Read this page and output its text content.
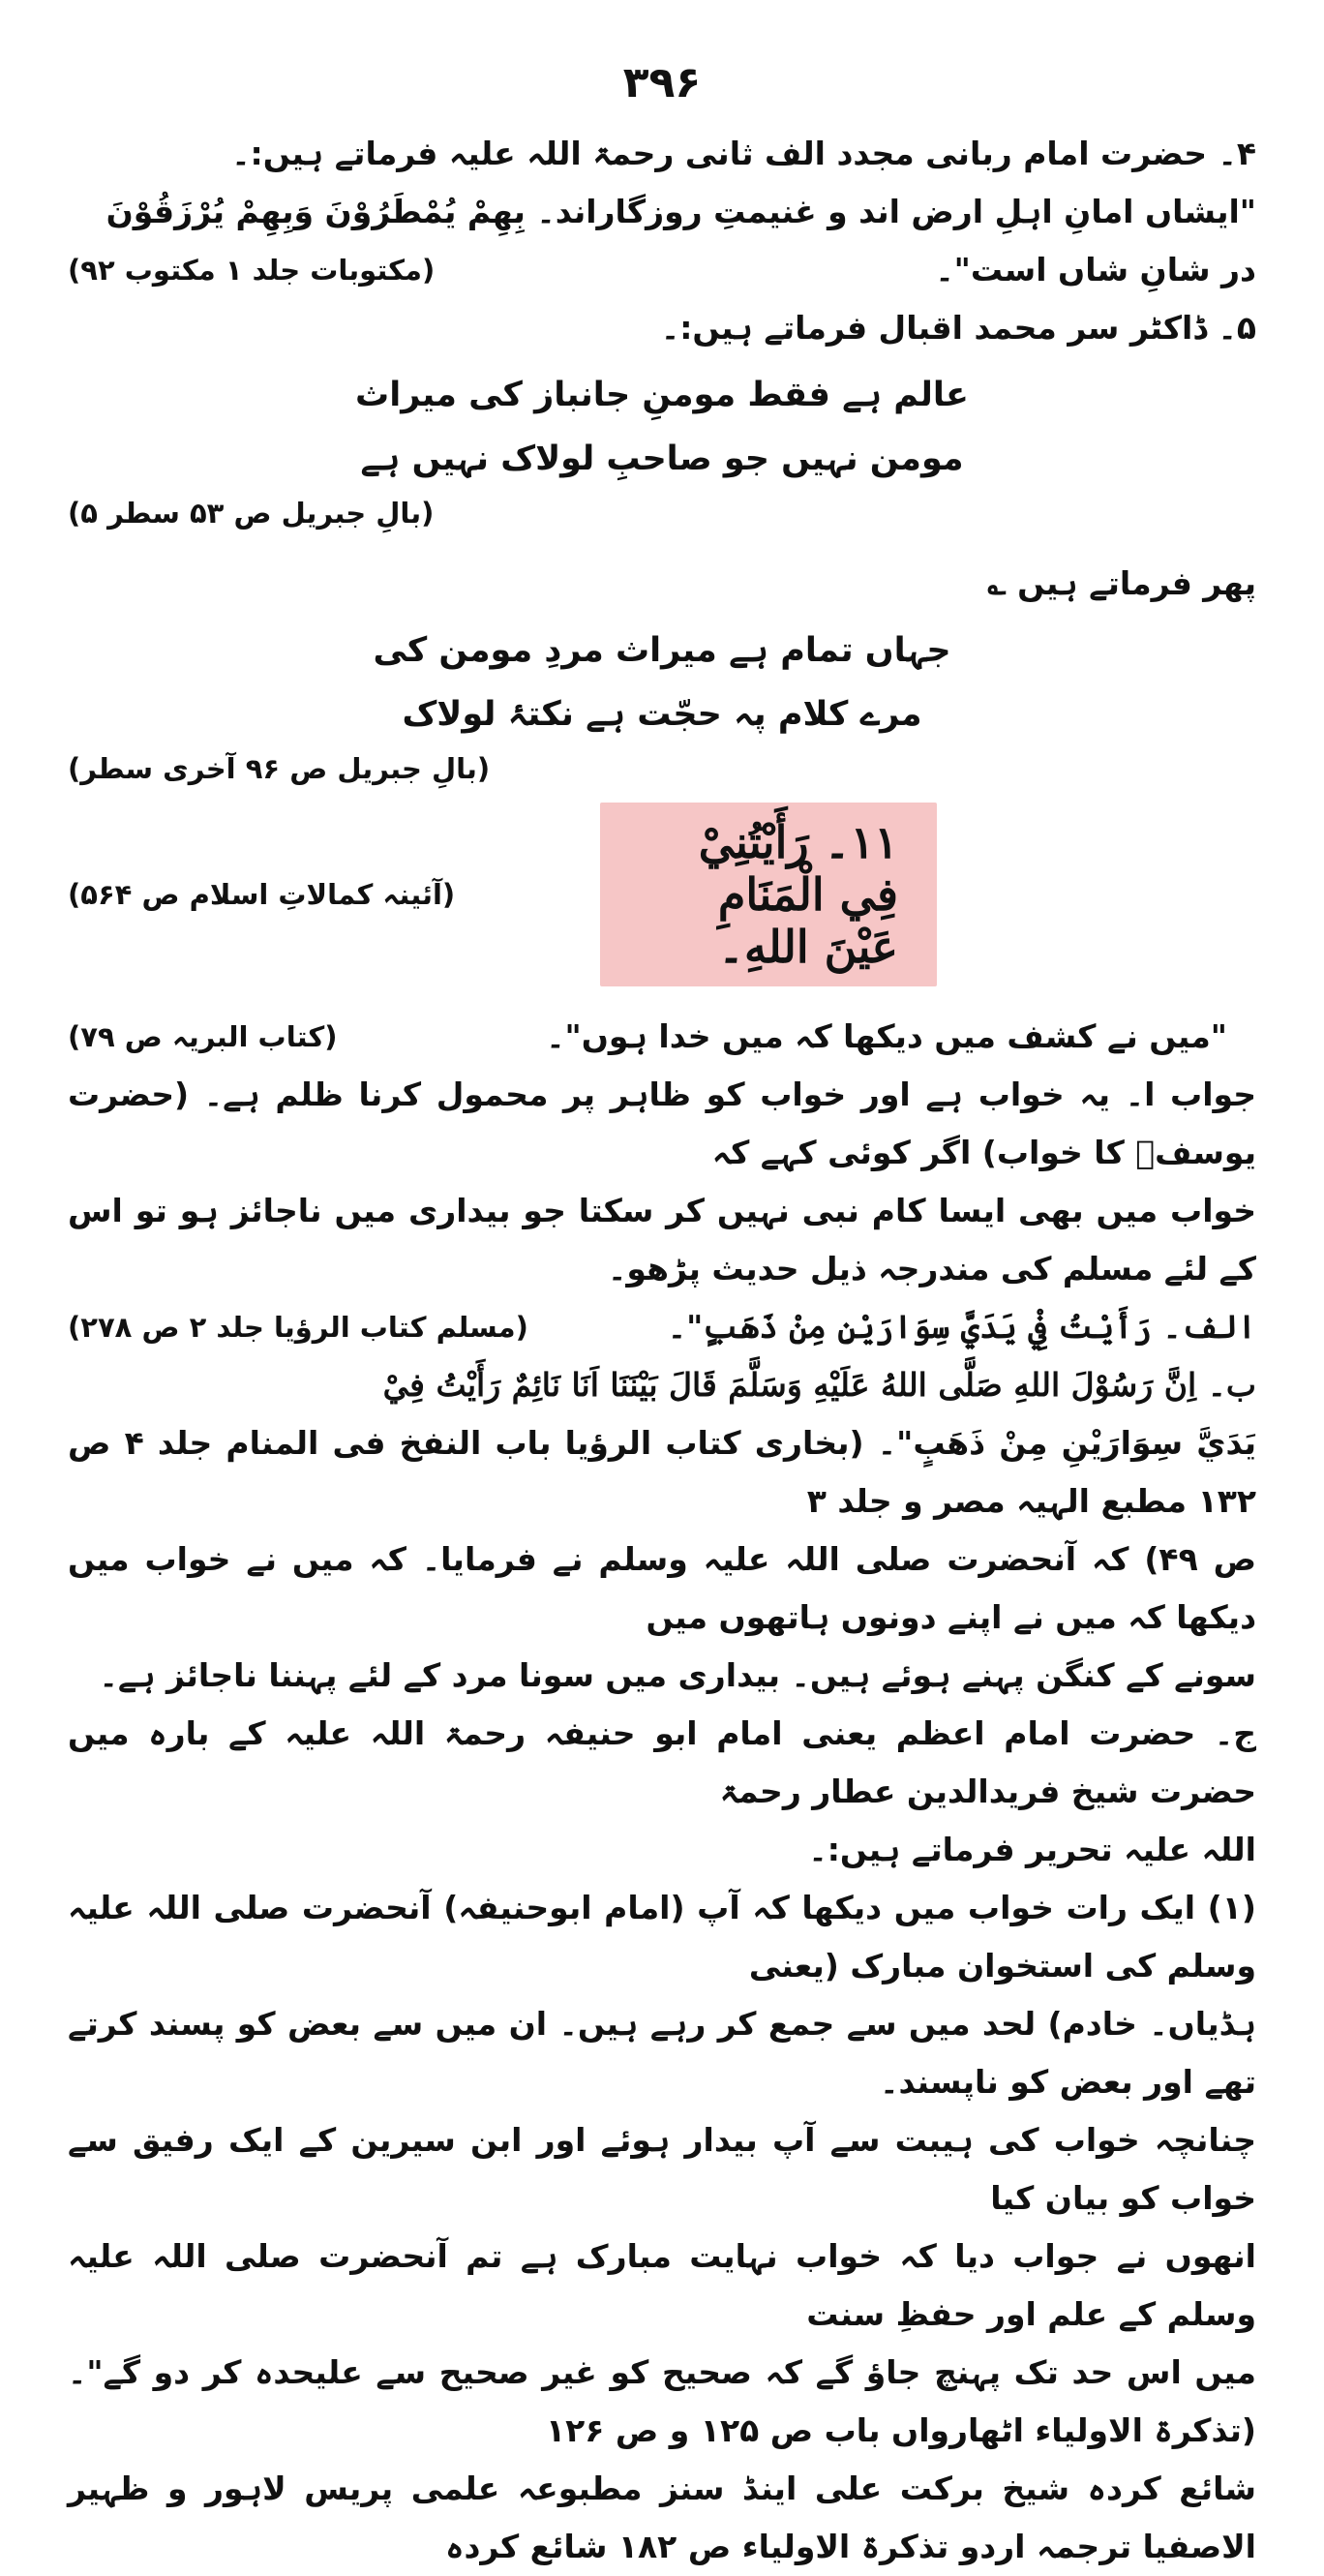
۳۹۶

۴۔ حضرت امام ربانی مجدد الف ثانی رحمۃ اللہ علیہ فرماتے ہیں:۔

"ایشاں امانِ اہلِ ارض اند و غنیمتِ روزگاراند۔ بِهِمْ يُمْطَرُوْنَ وَبِهِمْ يُرْزَقُوْنَ

در شانِ شاں است"۔
(مکتوبات جلد ۱ مکتوب ۹۲)

۵۔ ڈاکٹر سر محمد اقبال فرماتے ہیں:۔

عالم ہے فقط مومنِ جانباز کی میراث

مومن نہیں جو صاحبِ لولاک نہیں ہے

(بالِ جبریل ص ۵۳ سطر ۵)

پھر فرماتے ہیں ؎

جہاں تمام ہے میراث مردِ مومن کی

مرے کلام پہ حجّت ہے نکتۂ لولاک

(بالِ جبریل ص ۹۶ آخری سطر)
۱۱۔ رَأَيْتُنِيْ فِي الْمَنَامِ عَيْنَ اللهِ۔
(آئینہ کمالاتِ اسلام ص ۵۶۴)
"میں نے کشف میں دیکھا کہ میں خدا ہوں"۔
(کتاب البریہ ص ۷۹)

جواب ا۔ یہ خواب ہے اور خواب کو ظاہر پر محمول کرنا ظلم ہے۔ (حضرت یوسفؑ کا خواب) اگر کوئی کہے کہ

خواب میں بھی ایسا کام نبی نہیں کر سکتا جو بیداری میں ناجائز ہو تو اس کے لئے مسلم کی مندرجہ ذیل حدیث پڑھو۔

الف۔ رَأَيْتُ فِيْ يَدَيَّ سِوَارَيْنِ مِنْ ذَهَبٍ"۔
(مسلم کتاب الرؤیا جلد ۲ ص ۲۷۸)

ب۔ اِنَّ رَسُوْلَ اللهِ صَلَّى اللهُ عَلَيْهِ وَسَلَّمَ قَالَ بَيْنَنَا اَنَا نَائِمٌ رَأَيْتُ فِيْ

يَدَيَّ سِوَارَيْنِ مِنْ ذَهَبٍ"۔ (بخاری کتاب الرؤیا باب النفخ فی المنام جلد ۴ ص ۱۳۲ مطبع الہیہ مصر و جلد ۳

ص ۴۹) کہ آنحضرت صلی اللہ علیہ وسلم نے فرمایا۔ کہ میں نے خواب میں دیکھا کہ میں نے اپنے دونوں ہاتھوں میں

سونے کے کنگن پہنے ہوئے ہیں۔ بیداری میں سونا مرد کے لئے پہننا ناجائز ہے۔

ج۔ حضرت امام اعظم یعنی امام ابو حنیفہ رحمۃ اللہ علیہ کے بارہ میں حضرت شیخ فریدالدین عطار رحمۃ

اللہ علیہ تحریر فرماتے ہیں:۔

(۱) ایک رات خواب میں دیکھا کہ آپ (امام ابوحنیفہ) آنحضرت صلی اللہ علیہ وسلم کی استخوان مبارک (یعنی

ہڈیاں۔ خادم) لحد میں سے جمع کر رہے ہیں۔ ان میں سے بعض کو پسند کرتے تھے اور بعض کو ناپسند۔

چنانچہ خواب کی ہیبت سے آپ بیدار ہوئے اور ابن سیرین کے ایک رفیق سے خواب کو بیان کیا

انھوں نے جواب دیا کہ خواب نہایت مبارک ہے تم آنحضرت صلی اللہ علیہ وسلم کے علم اور حفظِ سنت

میں اس حد تک پہنچ جاؤ گے کہ صحیح کو غیر صحیح سے علیحدہ کر دو گے"۔ (تذکرۃ الاولیاء اٹھارواں باب ص ۱۲۵ و ص ۱۲۶

شائع کردہ شیخ برکت علی اینڈ سنز مطبوعہ علمی پریس لاہور و ظہیر الاصفیا ترجمہ اردو تذکرۃ الاولیاء ص ۱۸۲ شائع کردہ
